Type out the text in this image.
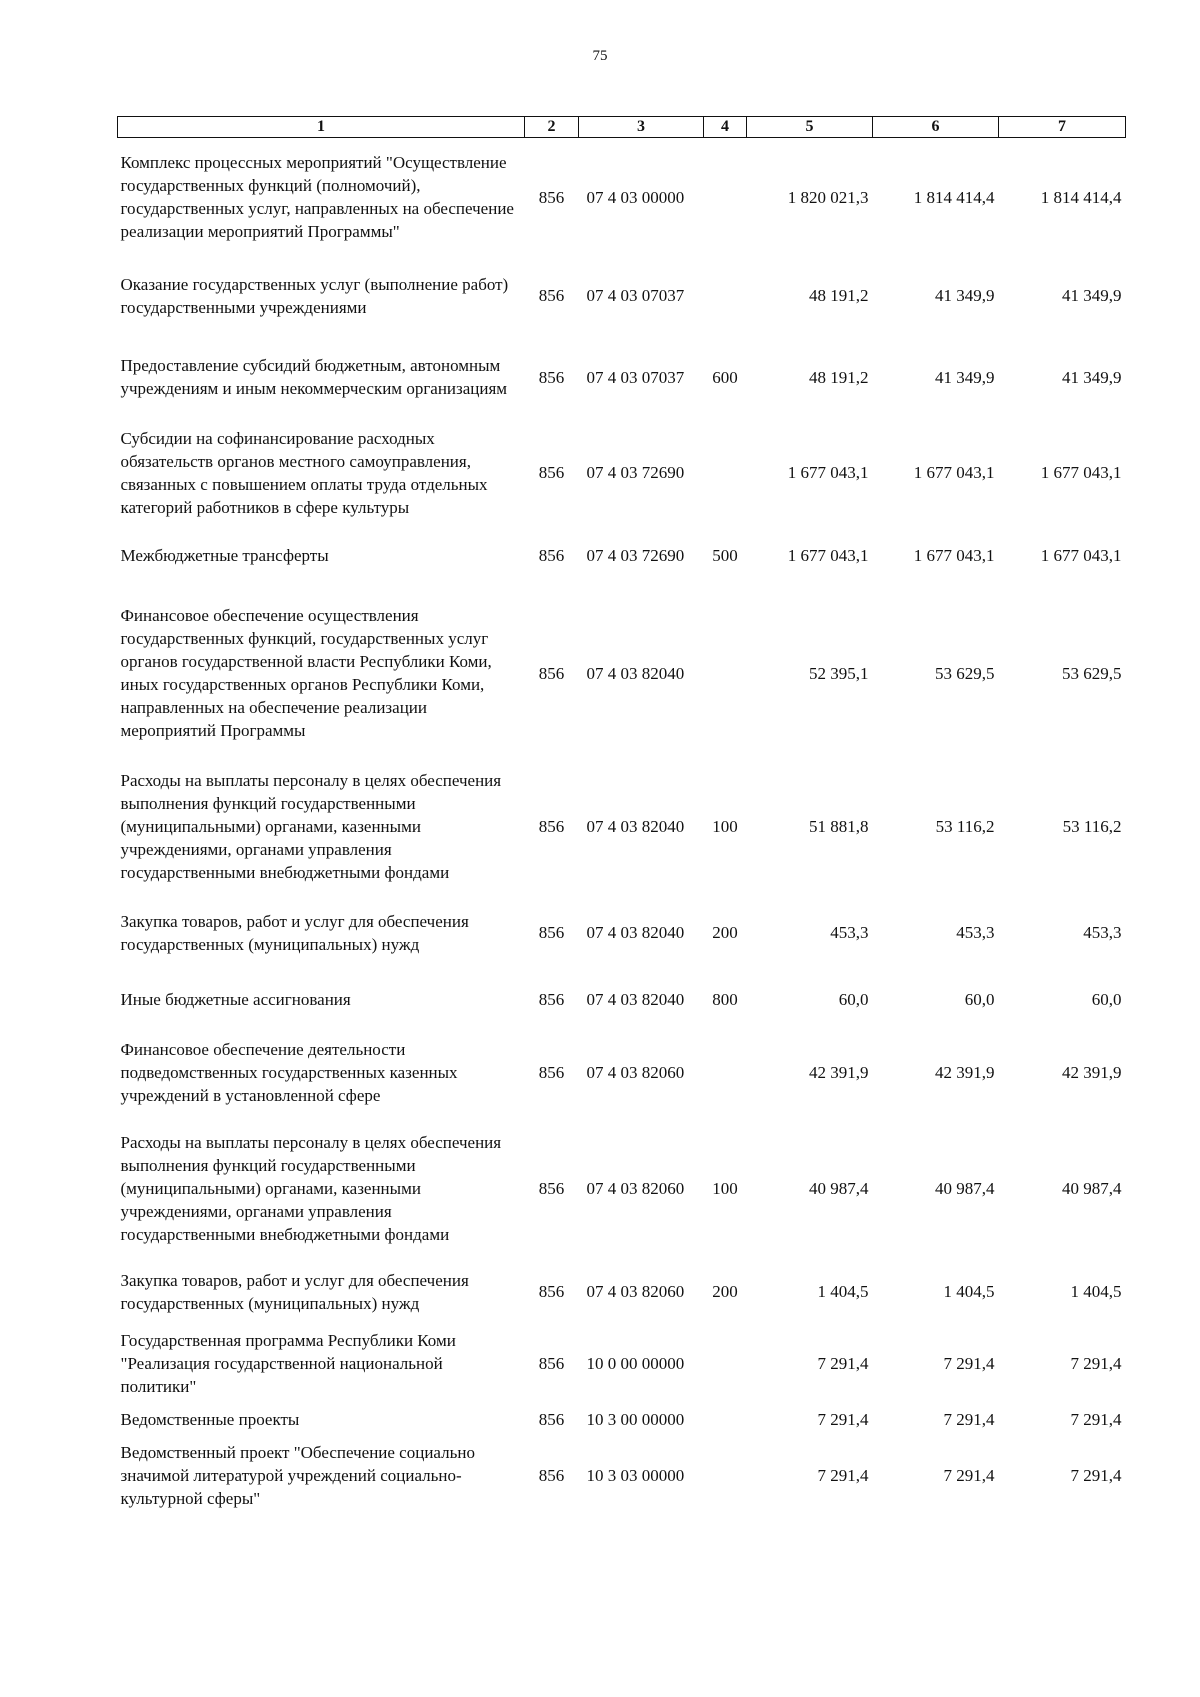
75
1	2	3	4	5	6	7
Комплекс процессных мероприятий "Осуществление государственных функций (полномочий), государственных услуг, направленных на обеспечение реализации мероприятий Программы"	856	07 4 03 00000		1 820 021,3	1 814 414,4	1 814 414,4
Оказание государственных услуг (выполнение работ) государственными учреждениями	856	07 4 03 07037		48 191,2	41 349,9	41 349,9
Предоставление субсидий бюджетным, автономным учреждениям и иным некоммерческим организациям	856	07 4 03 07037	600	48 191,2	41 349,9	41 349,9
Субсидии на софинансирование расходных обязательств органов местного самоуправления, связанных с повышением оплаты труда отдельных категорий работников в сфере культуры	856	07 4 03 72690		1 677 043,1	1 677 043,1	1 677 043,1
Межбюджетные трансферты	856	07 4 03 72690	500	1 677 043,1	1 677 043,1	1 677 043,1
Финансовое обеспечение осуществления государственных функций, государственных услуг органов государственной власти Республики Коми, иных государственных органов Республики Коми, направленных на обеспечение реализации мероприятий Программы	856	07 4 03 82040		52 395,1	53 629,5	53 629,5
Расходы на выплаты персоналу в целях обеспечения выполнения функций государственными (муниципальными) органами, казенными учреждениями, органами управления государственными внебюджетными фондами	856	07 4 03 82040	100	51 881,8	53 116,2	53 116,2
Закупка товаров, работ и услуг для обеспечения государственных (муниципальных) нужд	856	07 4 03 82040	200	453,3	453,3	453,3
Иные бюджетные ассигнования	856	07 4 03 82040	800	60,0	60,0	60,0
Финансовое обеспечение деятельности подведомственных государственных казенных учреждений в установленной сфере	856	07 4 03 82060		42 391,9	42 391,9	42 391,9
Расходы на выплаты персоналу в целях обеспечения выполнения функций государственными (муниципальными) органами, казенными учреждениями, органами управления государственными внебюджетными фондами	856	07 4 03 82060	100	40 987,4	40 987,4	40 987,4
Закупка товаров, работ и услуг для обеспечения государственных (муниципальных) нужд	856	07 4 03 82060	200	1 404,5	1 404,5	1 404,5
Государственная программа Республики Коми "Реализация государственной национальной политики"	856	10 0 00 00000		7 291,4	7 291,4	7 291,4
Ведомственные проекты	856	10 3 00 00000		7 291,4	7 291,4	7 291,4
Ведомственный проект "Обеспечение социально значимой литературой учреждений социально-культурной сферы"	856	10 3 03 00000		7 291,4	7 291,4	7 291,4
